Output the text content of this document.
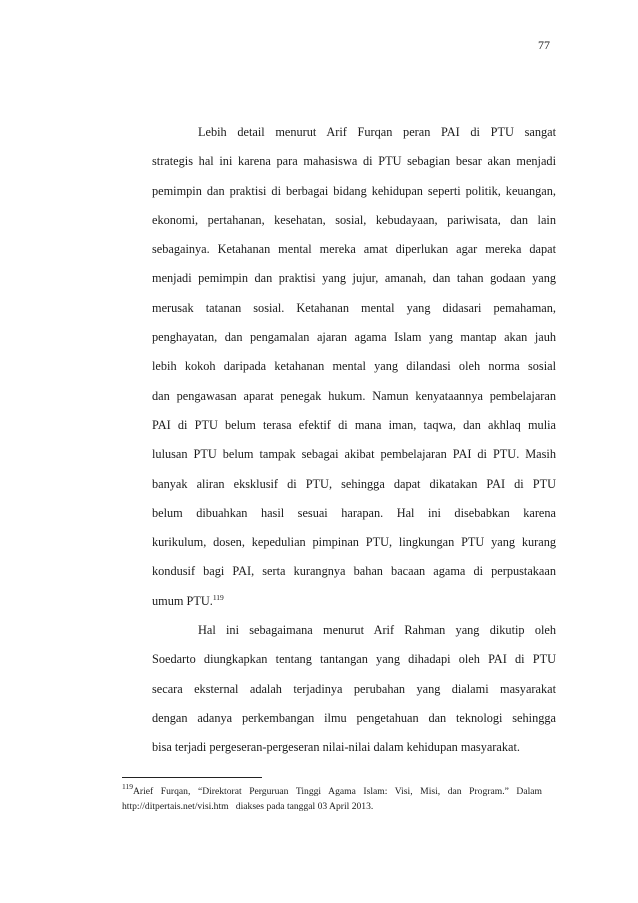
77
Lebih detail menurut Arif Furqan peran PAI di PTU sangat
strategis hal ini karena para mahasiswa di PTU sebagian besar akan menjadi
pemimpin dan praktisi di berbagai bidang kehidupan seperti politik, keuangan,
ekonomi, pertahanan, kesehatan, sosial, kebudayaan, pariwisata, dan lain
sebagainya. Ketahanan mental mereka amat diperlukan agar mereka dapat
menjadi pemimpin dan praktisi yang jujur, amanah, dan tahan godaan yang
merusak tatanan sosial. Ketahanan mental yang didasari pemahaman,
penghayatan, dan pengamalan ajaran agama Islam yang mantap akan jauh
lebih kokoh daripada ketahanan mental yang dilandasi oleh norma sosial
dan pengawasan aparat penegak hukum. Namun kenyataannya pembelajaran
PAI di PTU belum terasa efektif di mana iman, taqwa, dan akhlaq mulia
lulusan PTU belum tampak sebagai akibat pembelajaran PAI di PTU. Masih
banyak aliran eksklusif di PTU, sehingga dapat dikatakan PAI di PTU
belum dibuahkan hasil sesuai harapan. Hal ini disebabkan karena
kurikulum, dosen, kepedulian pimpinan PTU, lingkungan PTU yang kurang
kondusif bagi PAI, serta kurangnya bahan bacaan agama di perpustakaan
umum PTU.$^{119}$
Hal ini sebagaimana menurut Arif Rahman yang dikutip oleh
Soedarto diungkapkan tentang tantangan yang dihadapi oleh PAI di PTU
secara eksternal adalah terjadinya perubahan yang dialami masyarakat
dengan adanya perkembangan ilmu pengetahuan dan teknologi sehingga
bisa terjadi pergeseran-pergeseran nilai-nilai dalam kehidupan masyarakat.
$^{119}$Arief Furqan, “Direktorat Perguruan Tinggi Agama Islam: Visi, Misi, dan Program.” Dalam
http://ditpertais.net/visi.htm diakses pada tanggal 03 April 2013.
